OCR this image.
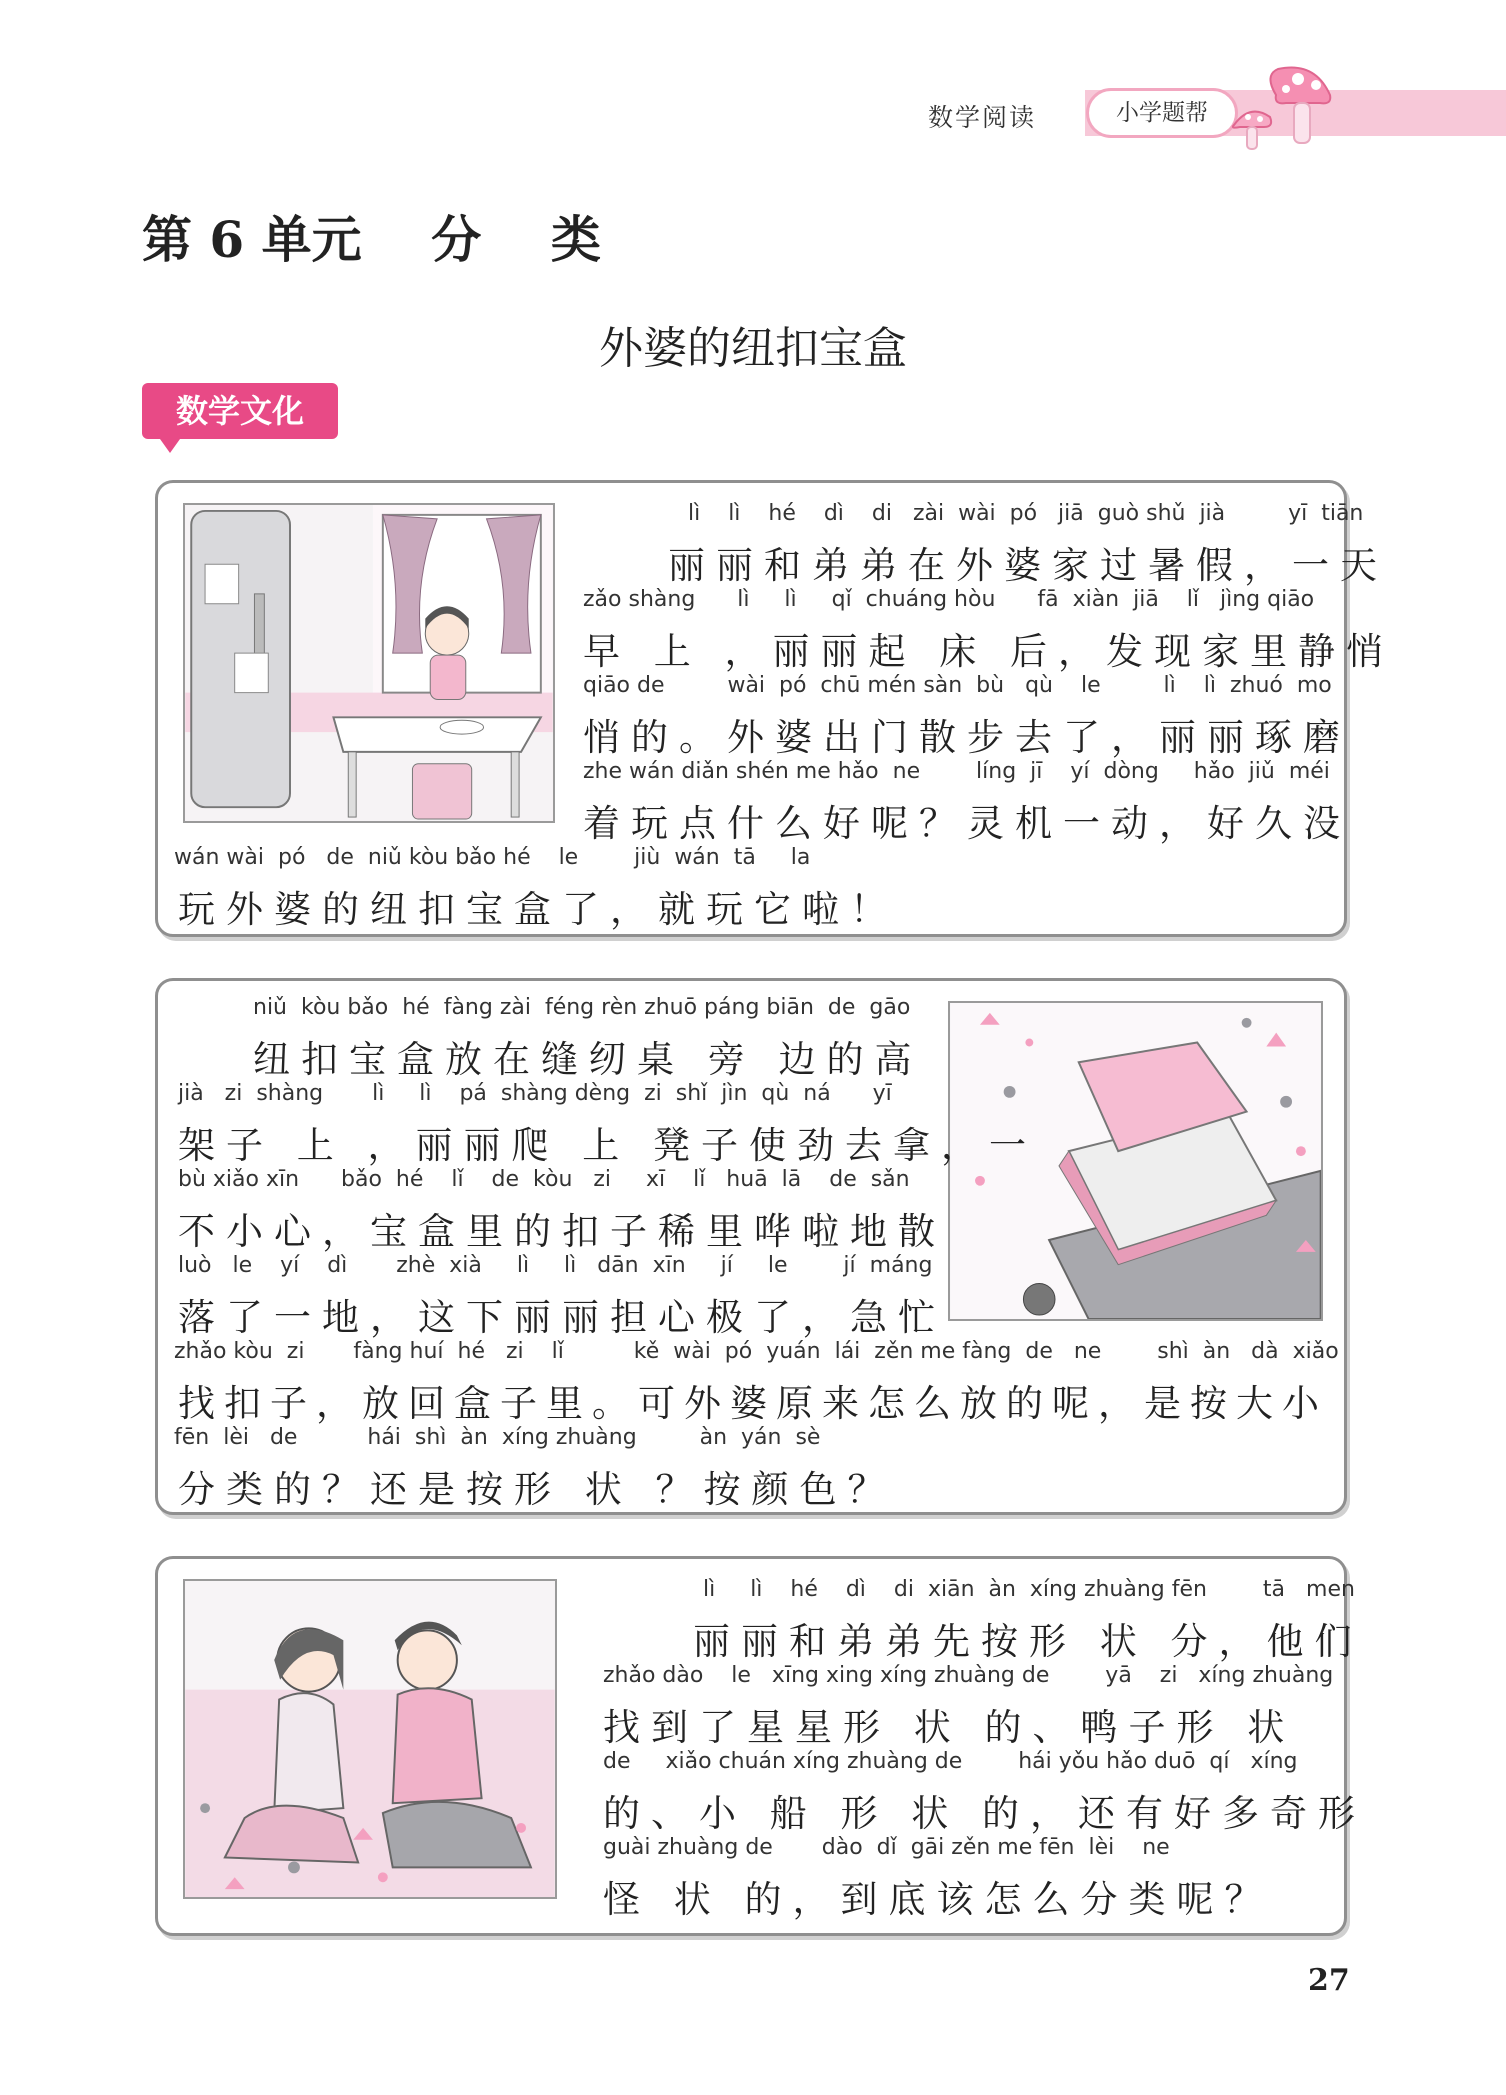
数学阅读	小学题帮
第 6 单元    分    类
外婆的纽扣宝盒
数学文化
lì    lì    hé    dì    di   zài  wài  pó   jiā  guò shǔ  jià         yī  tiān
丽丽和弟弟在外婆家过暑假，一天
zǎo shàng      lì     lì     qǐ  chuáng hòu      fā  xiàn  jiā    lǐ   jìng qiāo
早 上 ，丽丽起 床 后，发现家里静悄
qiāo de         wài  pó  chū mén sàn  bù   qù    le         lì    lì  zhuó  mo
悄的。外婆出门散步去了，丽丽琢磨
zhe wán diǎn shén me hǎo  ne        líng  jī    yí  dòng     hǎo  jiǔ  méi
着玩点什么好呢？灵机一动，好久没
wán wài  pó   de  niǔ kòu bǎo hé    le        jiù  wán  tā     la
玩外婆的纽扣宝盒了，就玩它啦！
niǔ  kòu bǎo  hé  fàng zài  féng rèn zhuō páng biān  de  gāo
纽扣宝盒放在缝纫桌 旁 边的高
jià   zi  shàng       lì     lì    pá  shàng dèng  zi  shǐ  jìn  qù  ná      yī
架子 上 ，丽丽爬 上 凳子使劲去拿，一
bù xiǎo xīn      bǎo  hé    lǐ    de  kòu   zi     xī    lǐ   huā  lā    de  sǎn
不小心，宝盒里的扣子稀里哗啦地散
luò   le    yí    dì       zhè  xià     lì     lì   dān  xīn     jí     le        jí  máng
落了一地，这下丽丽担心极了，急忙
zhǎo kòu  zi       fàng huí  hé   zi    lǐ          kě  wài  pó  yuán  lái  zěn me fàng  de   ne        shì  àn   dà  xiǎo
找扣子，放回盒子里。可外婆原来怎么放的呢，是按大小
fēn  lèi   de          hái  shì  àn  xíng zhuàng         àn  yán  sè
分类的？还是按形 状 ？按颜色？
lì     lì    hé    dì    di  xiān  àn  xíng zhuàng fēn        tā   men
丽丽和弟弟先按形 状 分，他们
zhǎo dào    le   xīng xing xíng zhuàng de        yā    zi   xíng zhuàng
找到了星星形 状 的、鸭子形 状
de     xiǎo chuán xíng zhuàng de        hái yǒu hǎo duō  qí   xíng
的、小 船 形 状 的，还有好多奇形
guài zhuàng de       dào  dǐ  gāi zěn me fēn  lèi    ne
怪 状 的，到底该怎么分类呢？
27
